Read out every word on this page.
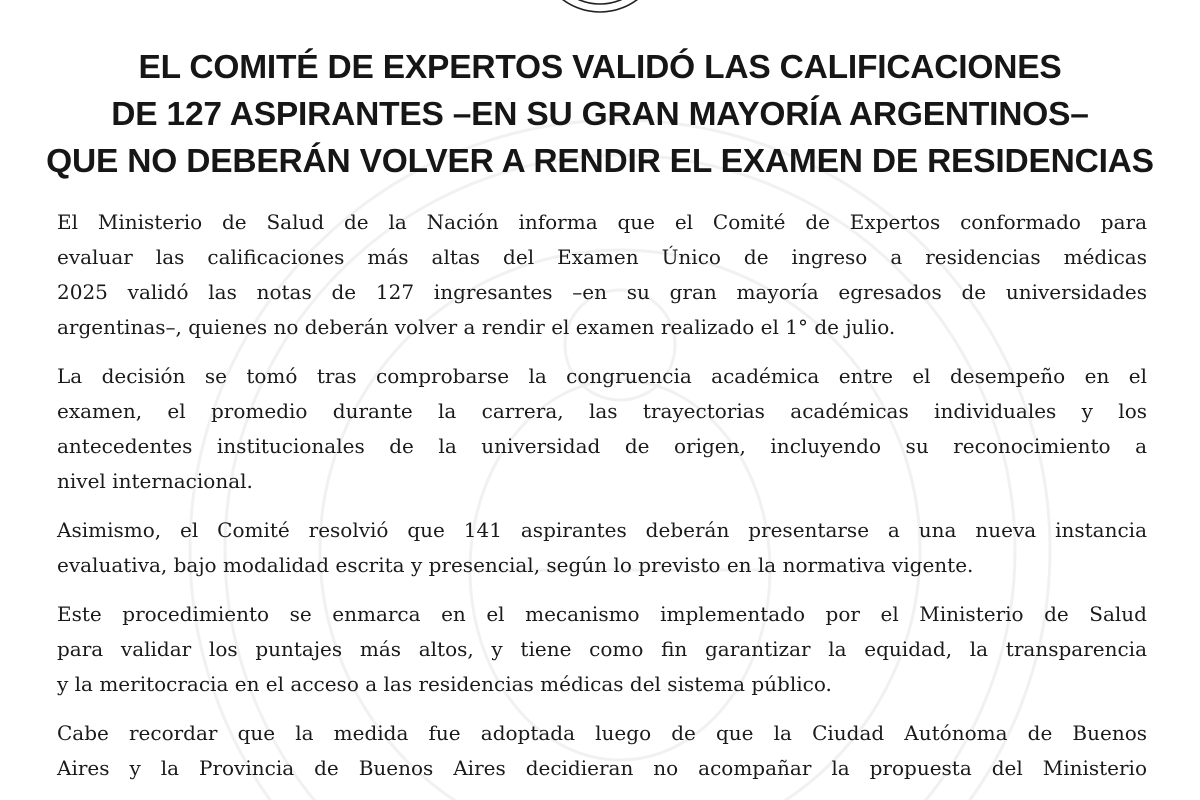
EL COMITÉ DE EXPERTOS VALIDÓ LAS CALIFICACIONES
DE 127 ASPIRANTES –EN SU GRAN MAYORÍA ARGENTINOS–
QUE NO DEBERÁN VOLVER A RENDIR EL EXAMEN DE RESIDENCIAS

El Ministerio de Salud de la Nación informa que el Comité de Expertos conformado para
evaluar las calificaciones más altas del Examen Único de ingreso a residencias médicas
2025 validó las notas de 127 ingresantes –en su gran mayoría egresados de universidades
argentinas–, quienes no deberán volver a rendir el examen realizado el 1° de julio.

La decisión se tomó tras comprobarse la congruencia académica entre el desempeño en el
examen, el promedio durante la carrera, las trayectorias académicas individuales y los
antecedentes institucionales de la universidad de origen, incluyendo su reconocimiento a
nivel internacional.

Asimismo, el Comité resolvió que 141 aspirantes deberán presentarse a una nueva instancia
evaluativa, bajo modalidad escrita y presencial, según lo previsto en la normativa vigente.

Este procedimiento se enmarca en el mecanismo implementado por el Ministerio de Salud
para validar los puntajes más altos, y tiene como fin garantizar la equidad, la transparencia
y la meritocracia en el acceso a las residencias médicas del sistema público.

Cabe recordar que la medida fue adoptada luego de que la Ciudad Autónoma de Buenos
Aires y la Provincia de Buenos Aires decidieran no acompañar la propuesta del Ministerio
